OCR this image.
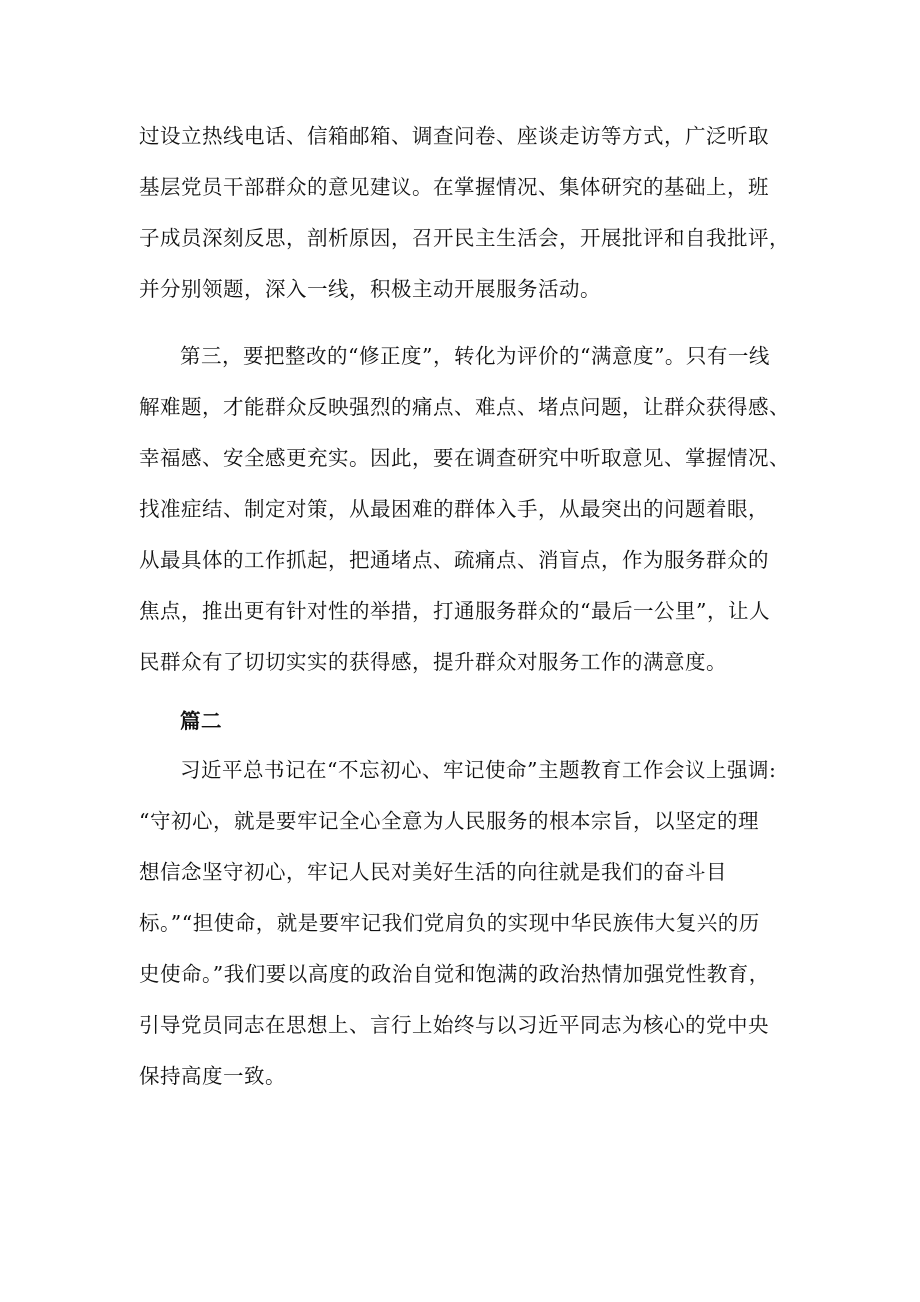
过设立热线电话、信箱邮箱、调查问卷、座谈走访等方式，广泛听取
基层党员干部群众的意见建议。在掌握情况、集体研究的基础上，班
子成员深刻反思，剖析原因，召开民主生活会，开展批评和自我批评，
并分别领题，深入一线，积极主动开展服务活动。
第三，要把整改的“修正度”，转化为评价的“满意度”。只有一线
解难题，才能群众反映强烈的痛点、难点、堵点问题，让群众获得感、
幸福感、安全感更充实。因此，要在调查研究中听取意见、掌握情况、
找准症结、制定对策，从最困难的群体入手，从最突出的问题着眼，
从最具体的工作抓起，把通堵点、疏痛点、消盲点，作为服务群众的
焦点，推出更有针对性的举措，打通服务群众的“最后一公里”，让人
民群众有了切切实实的获得感，提升群众对服务工作的满意度。
篇二
习近平总书记在“不忘初心、牢记使命”主题教育工作会议上强调:
“守初心，就是要牢记全心全意为人民服务的根本宗旨，以坚定的理
想信念坚守初心，牢记人民对美好生活的向往就是我们的奋斗目
标。”“担使命，就是要牢记我们党肩负的实现中华民族伟大复兴的历
史使命。”我们要以高度的政治自觉和饱满的政治热情加强党性教育，
引导党员同志在思想上、言行上始终与以习近平同志为核心的党中央
保持高度一致。
